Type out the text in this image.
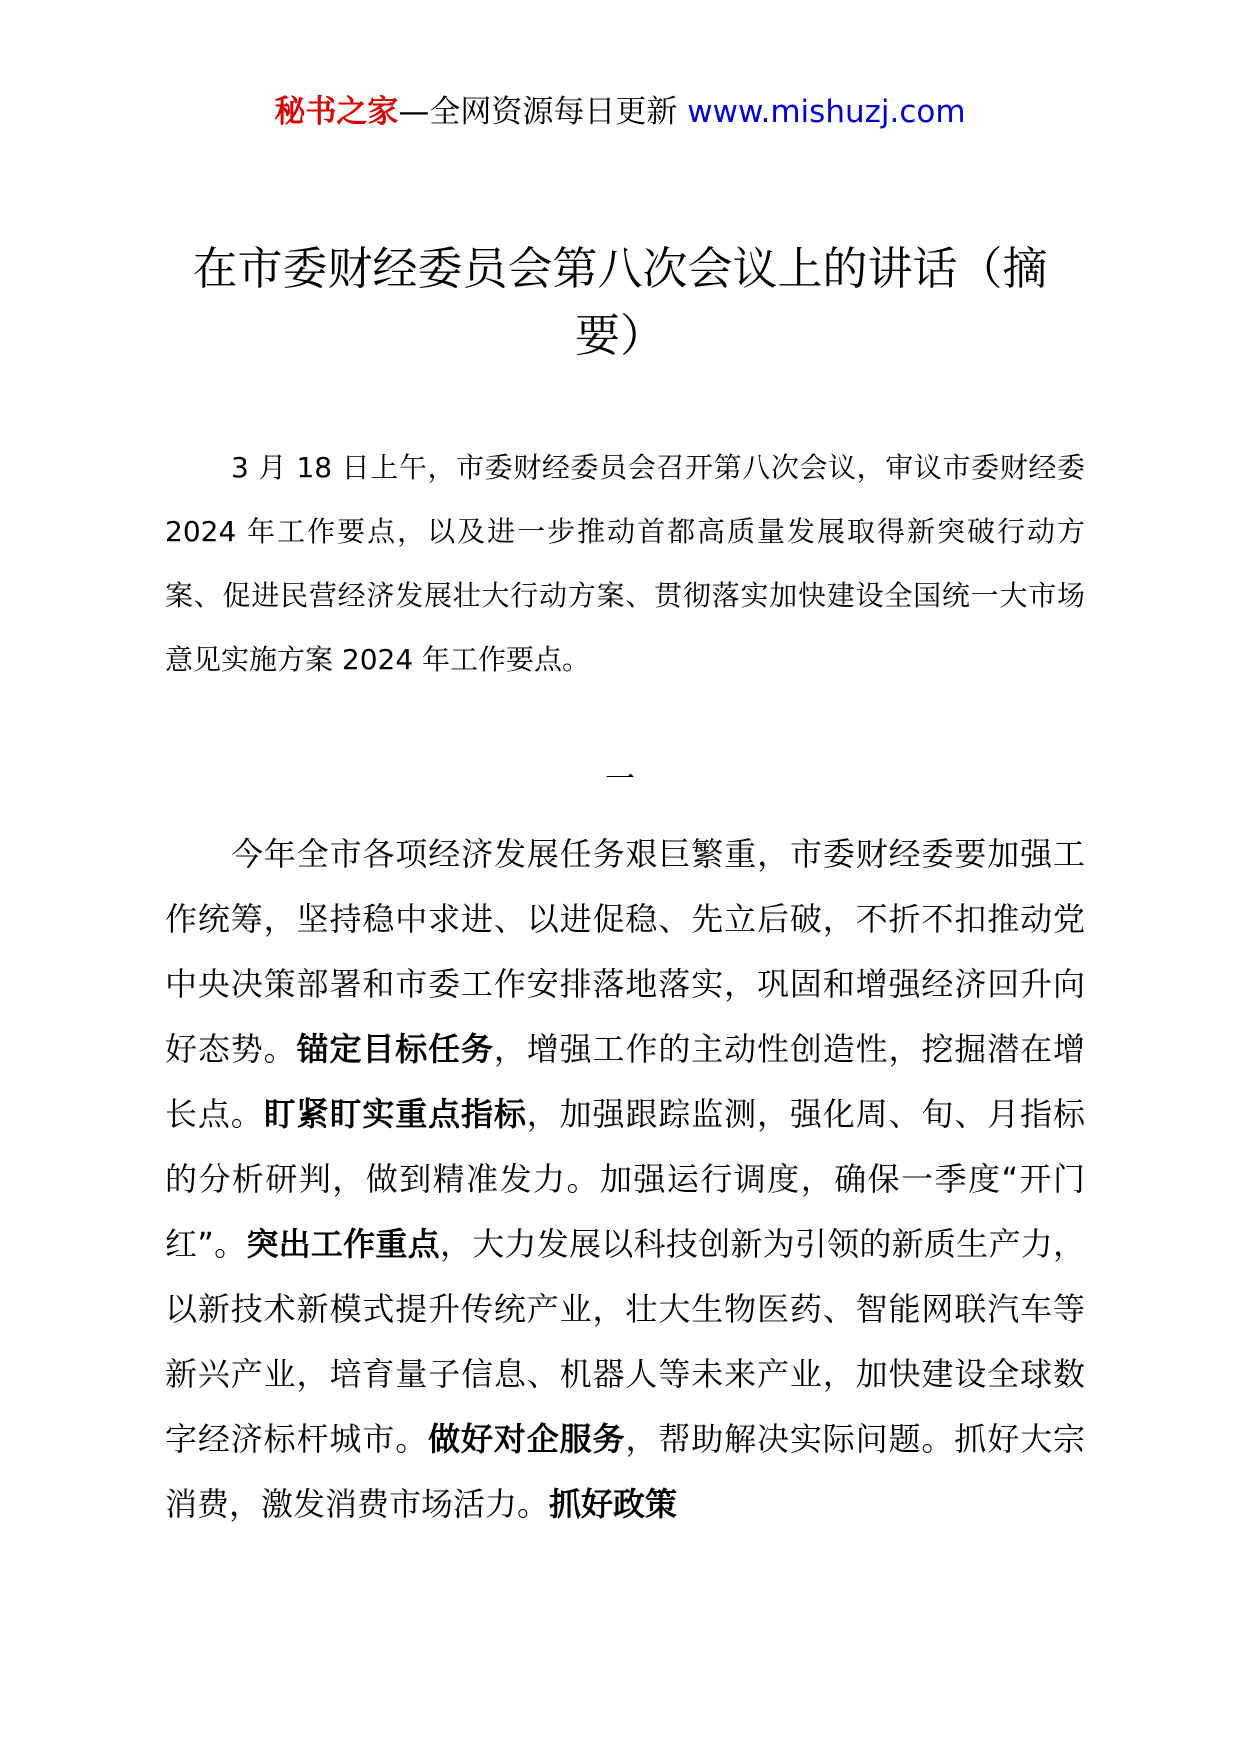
秘书之家—全网资源每日更新 www.mishuzj.com
在市委财经委员会第八次会议上的讲话（摘要）

3 月 18 日上午，市委财经委员会召开第八次会议，审议市委财经委 2024 年工作要点，以及进一步推动首都高质量发展取得新突破行动方案、促进民营经济发展壮大行动方案、贯彻落实加快建设全国统一大市场意见实施方案 2024 年工作要点。

一

今年全市各项经济发展任务艰巨繁重，市委财经委要加强工作统筹，坚持稳中求进、以进促稳、先立后破，不折不扣推动党中央决策部署和市委工作安排落地落实，巩固和增强经济回升向好态势。锚定目标任务，增强工作的主动性创造性，挖掘潜在增长点。盯紧盯实重点指标，加强跟踪监测，强化周、旬、月指标的分析研判，做到精准发力。加强运行调度，确保一季度“开门红”。突出工作重点，大力发展以科技创新为引领的新质生产力，以新技术新模式提升传统产业，壮大生物医药、智能网联汽车等新兴产业，培育量子信息、机器人等未来产业，加快建设全球数字经济标杆城市。做好对企服务，帮助解决实际问题。抓好大宗消费，激发消费市场活力。抓好政策
